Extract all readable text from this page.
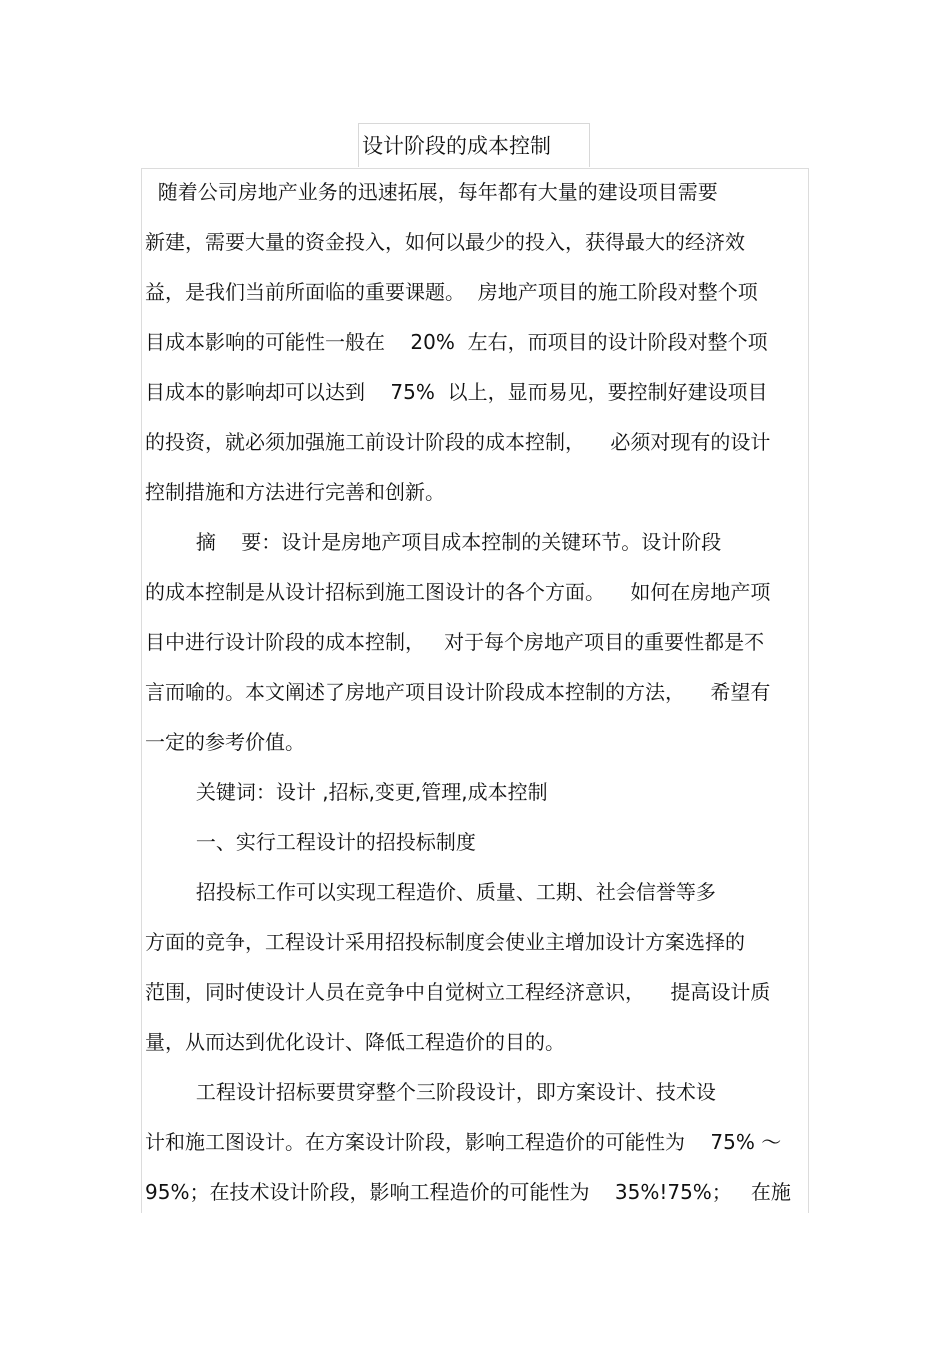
设计阶段的成本控制
随着公司房地产业务的迅速拓展，每年都有大量的建设项目需要
新建，需要大量的资金投入，如何以最少的投入，获得最大的经济效
益，是我们当前所面临的重要课题。  房地产项目的施工阶段对整个项
目成本影响的可能性一般在    20%  左右，而项目的设计阶段对整个项
目成本的影响却可以达到    75%  以上，显而易见，要控制好建设项目
的投资，就必须加强施工前设计阶段的成本控制，    必须对现有的设计
控制措施和方法进行完善和创新。
摘    要：设计是房地产项目成本控制的关键环节。设计阶段
的成本控制是从设计招标到施工图设计的各个方面。    如何在房地产项
目中进行设计阶段的成本控制，   对于每个房地产项目的重要性都是不
言而喻的。本文阐述了房地产项目设计阶段成本控制的方法，    希望有
一定的参考价值。
关键词：设计 ,招标,变更,管理,成本控制
一、实行工程设计的招投标制度
招投标工作可以实现工程造价、质量、工期、社会信誉等多
方面的竞争，工程设计采用招投标制度会使业主增加设计方案选择的
范围，同时使设计人员在竞争中自觉树立工程经济意识，    提高设计质
量，从而达到优化设计、降低工程造价的目的。
工程设计招标要贯穿整个三阶段设计，即方案设计、技术设
计和施工图设计。在方案设计阶段，影响工程造价的可能性为    75% ～
95%；在技术设计阶段，影响工程造价的可能性为    35%!75%；   在施
